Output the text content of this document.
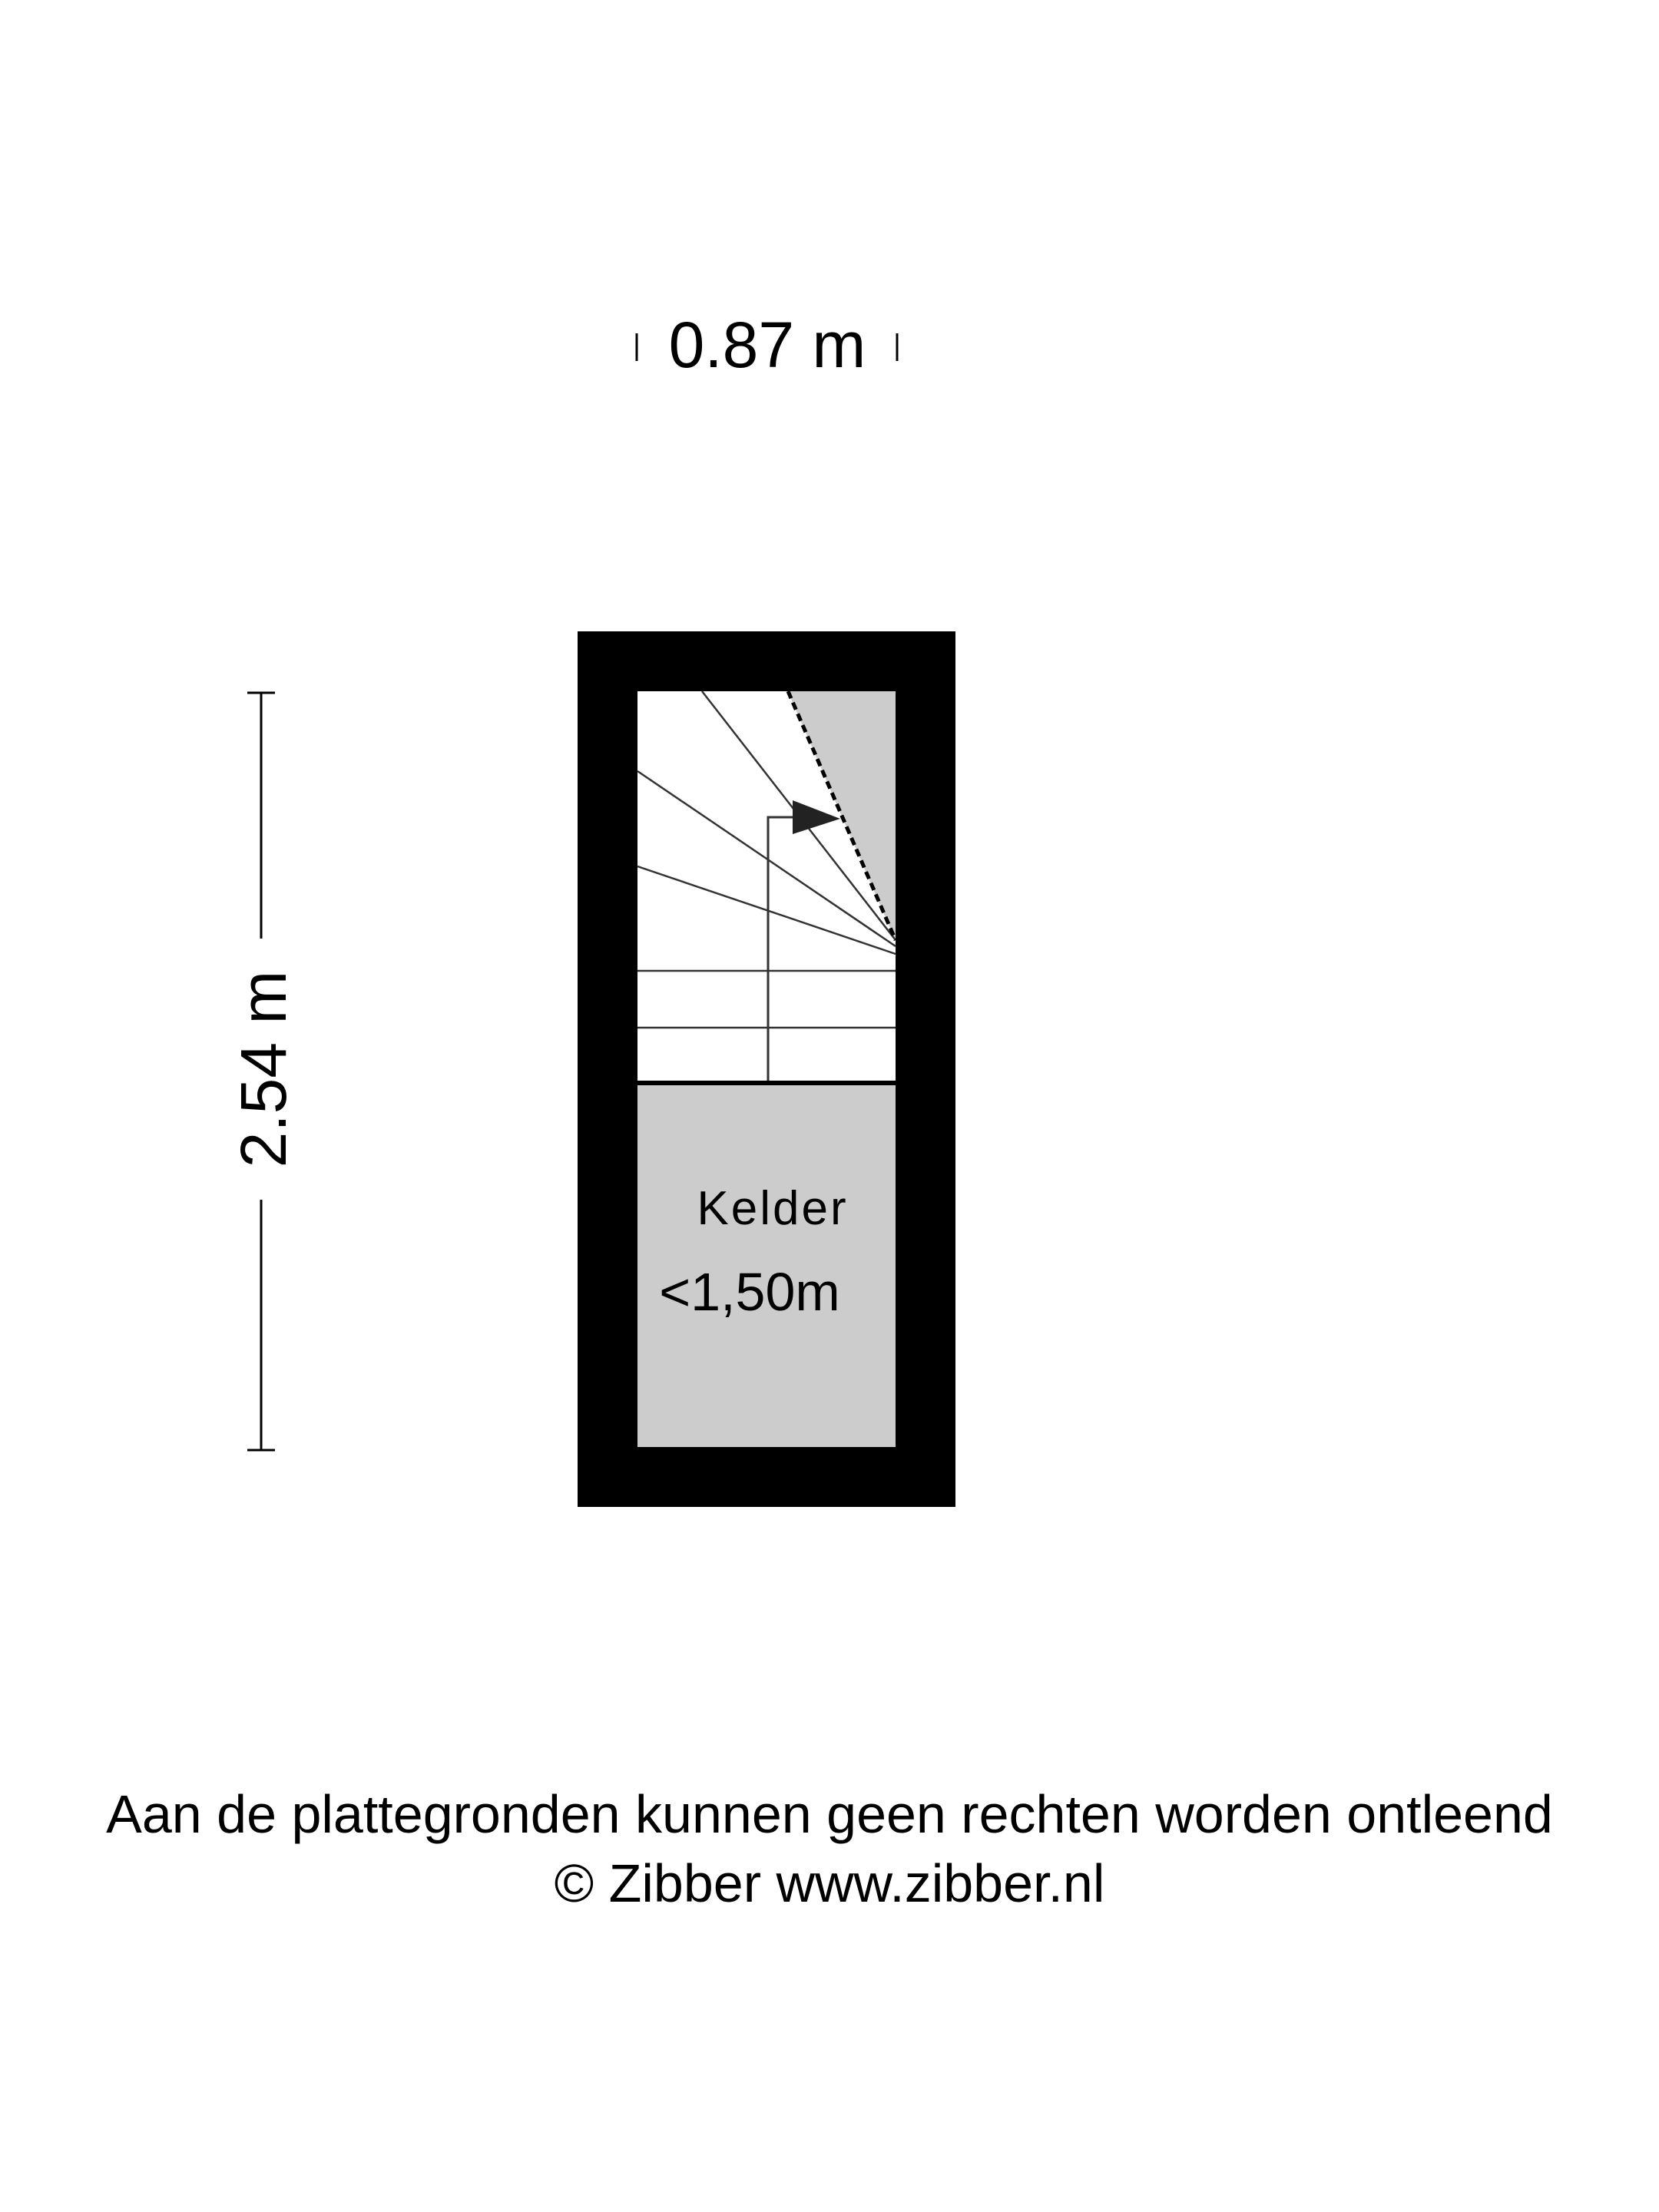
0.87 m
2.54 m
Kelder
<1,50m
Aan de plattegronden kunnen geen rechten worden ontleend
© Zibber www.zibber.nl
